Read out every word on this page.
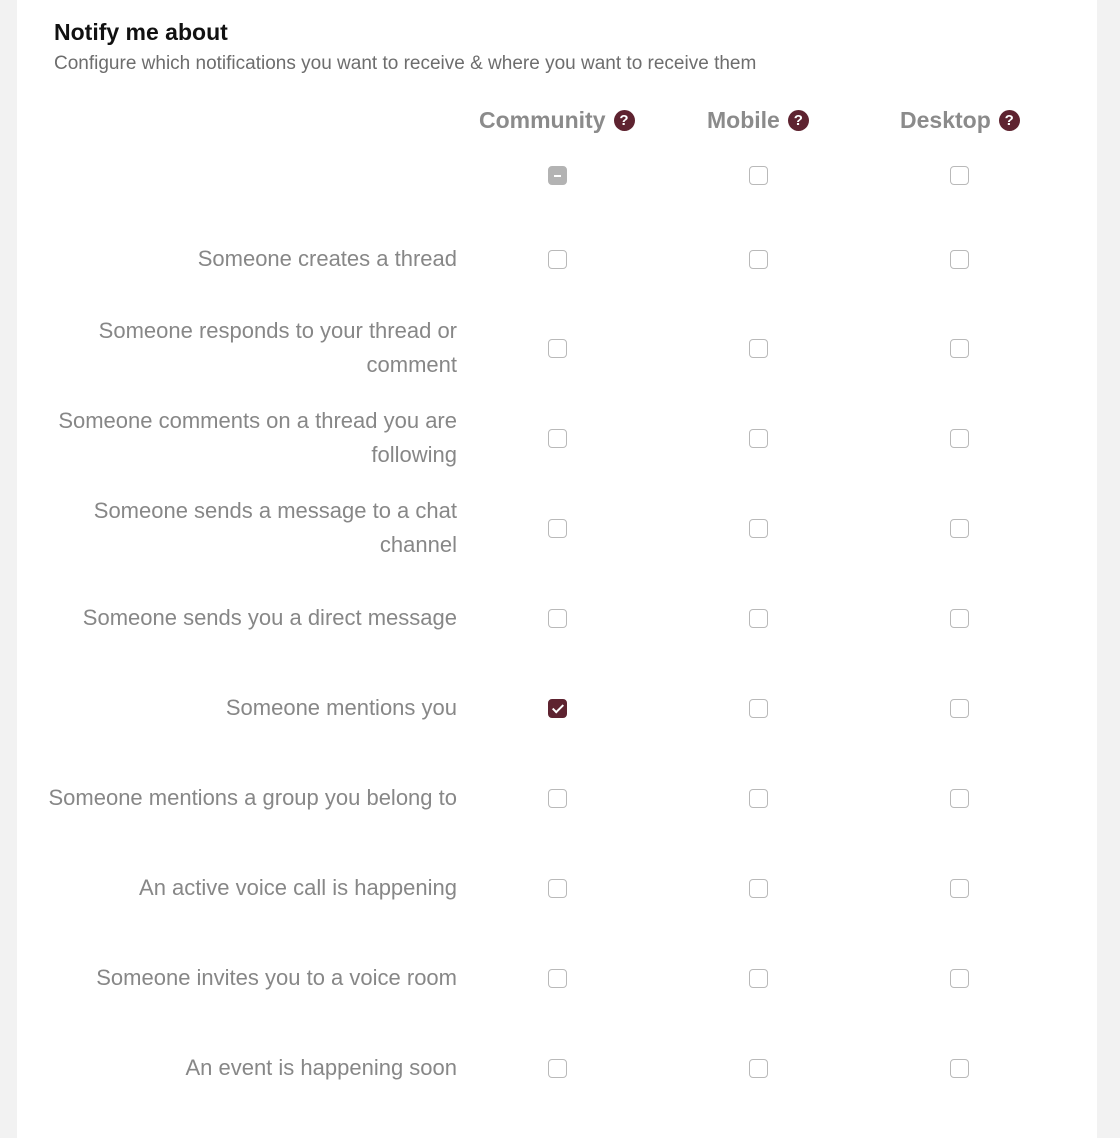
Notify me about

Configure which notifications you want to receive & where you want to receive them

Community ?	Mobile ?	Desktop ?
Someone creates a thread
Someone responds to your thread or comment
Someone comments on a thread you are following
Someone sends a message to a chat channel
Someone sends you a direct message
Someone mentions you
Someone mentions a group you belong to
An active voice call is happening
Someone invites you to a voice room
An event is happening soon
